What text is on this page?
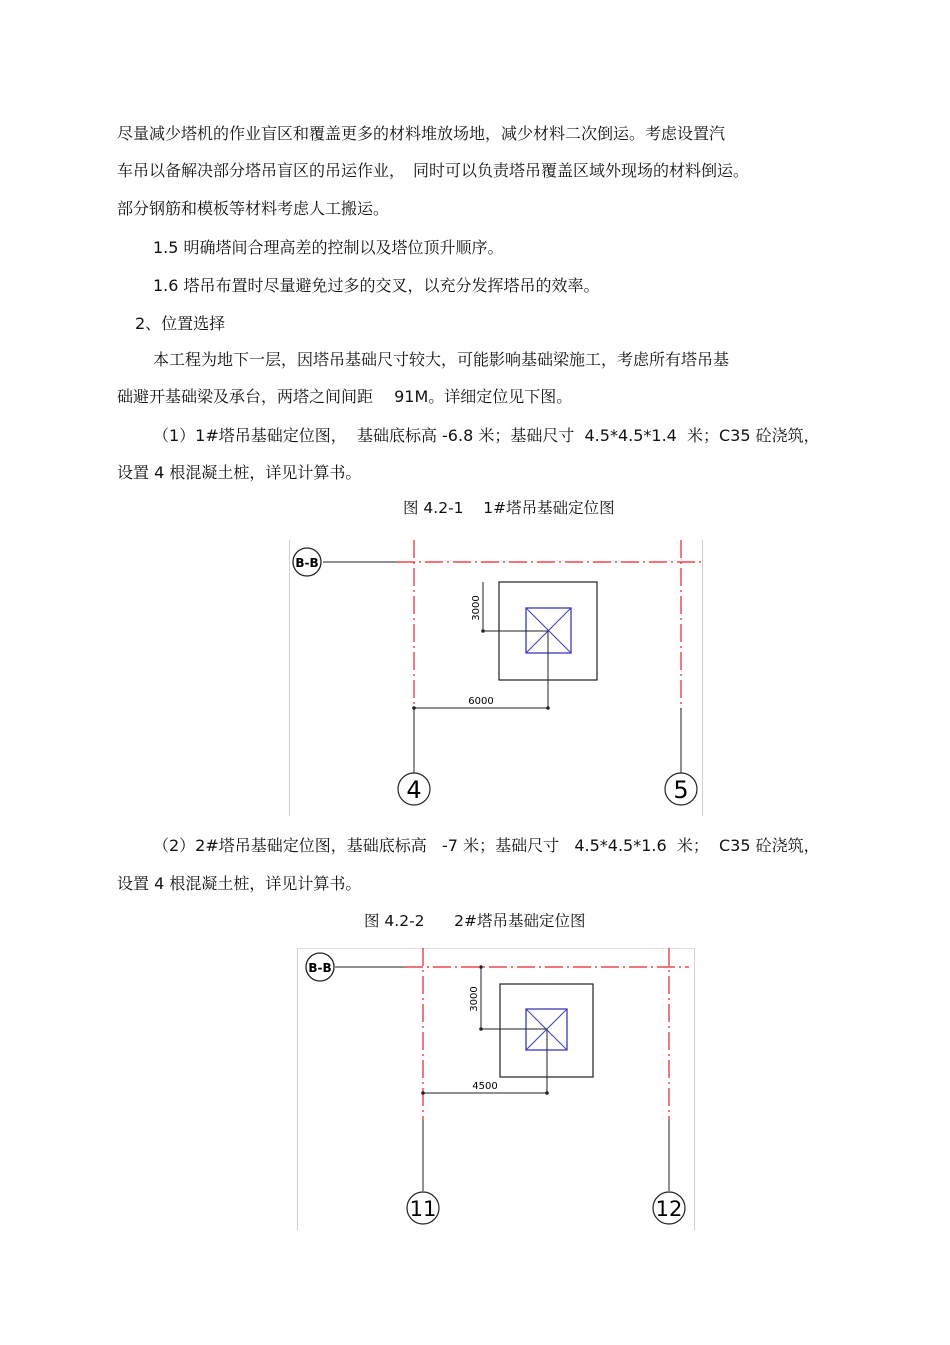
尽量减少塔机的作业盲区和覆盖更多的材料堆放场地，减少材料二次倒运。考虑设置汽
车吊以备解决部分塔吊盲区的吊运作业，　同时可以负责塔吊覆盖区域外现场的材料倒运。
部分钢筋和模板等材料考虑人工搬运。
1.5 明确塔间合理高差的控制以及塔位顶升顺序。
1.6 塔吊布置时尽量避免过多的交叉，以充分发挥塔吊的效率。
2、位置选择
本工程为地下一层，因塔吊基础尺寸较大，可能影响基础梁施工，考虑所有塔吊基
础避开基础梁及承台，两塔之间间距　 91M。详细定位见下图。
（1）1#塔吊基础定位图，  基础底标高 -6.8 米；基础尺寸  4.5*4.5*1.4  米；C35 砼浇筑，
设置 4 根混凝土桩，详见计算书。
图 4.2-1    1#塔吊基础定位图
B-B
3000
6000
4	5
（2）2#塔吊基础定位图，基础底标高   -7 米；基础尺寸   4.5*4.5*1.6  米；  C35 砼浇筑，
设置 4 根混凝土桩，详见计算书。
图 4.2-2      2#塔吊基础定位图
B-B
3000
4500
11	12
